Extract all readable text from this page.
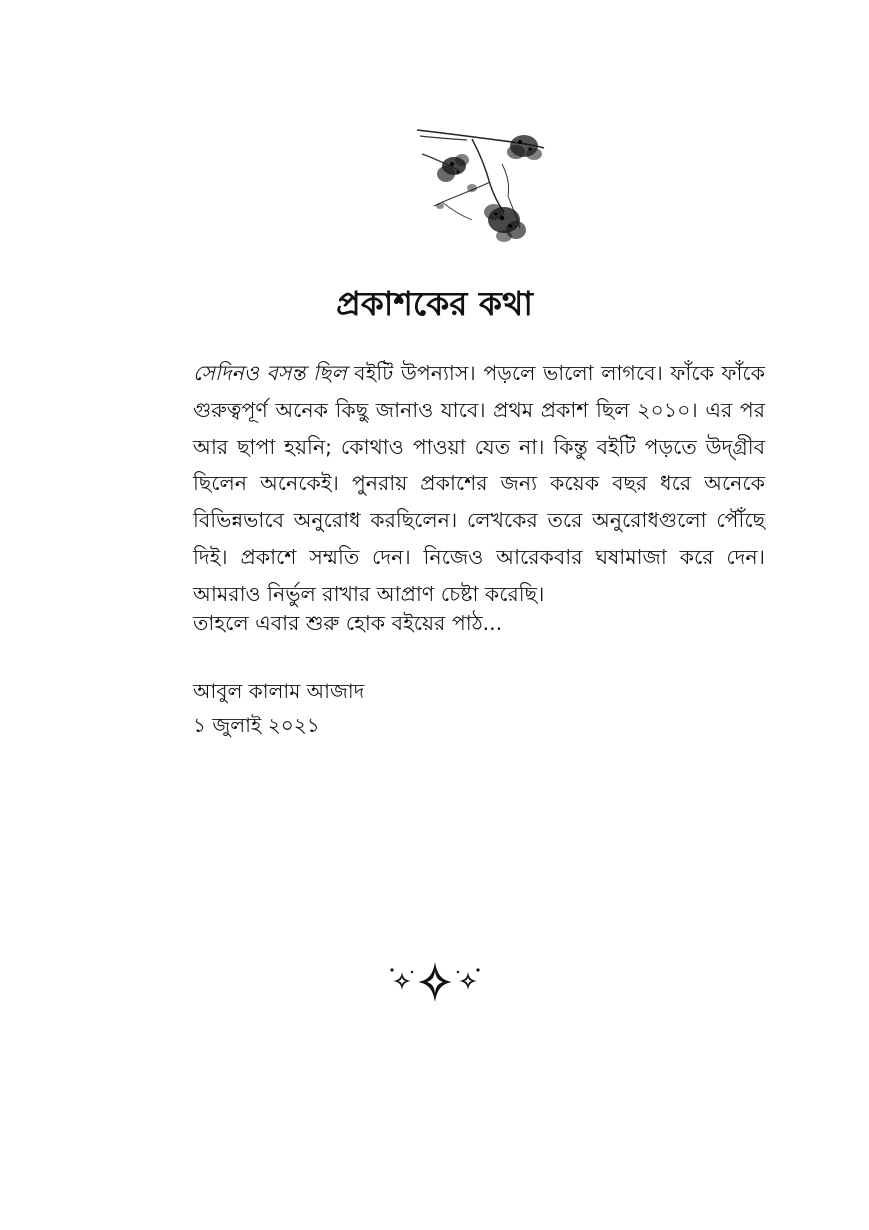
প্রকাশকের কথা

সেদিনও বসন্ত ছিল বইটি উপন্যাস। পড়লে ভালো লাগবে। ফাঁকে ফাঁকে গুরুত্বপূর্ণ অনেক কিছু জানাও যাবে। প্রথম প্রকাশ ছিল ২০১০। এর পর আর ছাপা হয়নি; কোথাও পাওয়া যেত না। কিন্তু বইটি পড়তে উদ্‌গ্রীব ছিলেন অনেকেই। পুনরায় প্রকাশের জন্য কয়েক বছর ধরে অনেকে বিভিন্নভাবে অনুরোধ করছিলেন। লেখকের তরে অনুরোধগুলো পৌঁছে দিই। প্রকাশে সম্মতি দেন। নিজেও আরেকবার ঘষামাজা করে দেন। আমরাও নির্ভুল রাখার আপ্রাণ চেষ্টা করেছি।

তাহলে এবার শুরু হোক বইয়ের পাঠ...

আবুল কালাম আজাদ
১ জুলাই ২০২১
